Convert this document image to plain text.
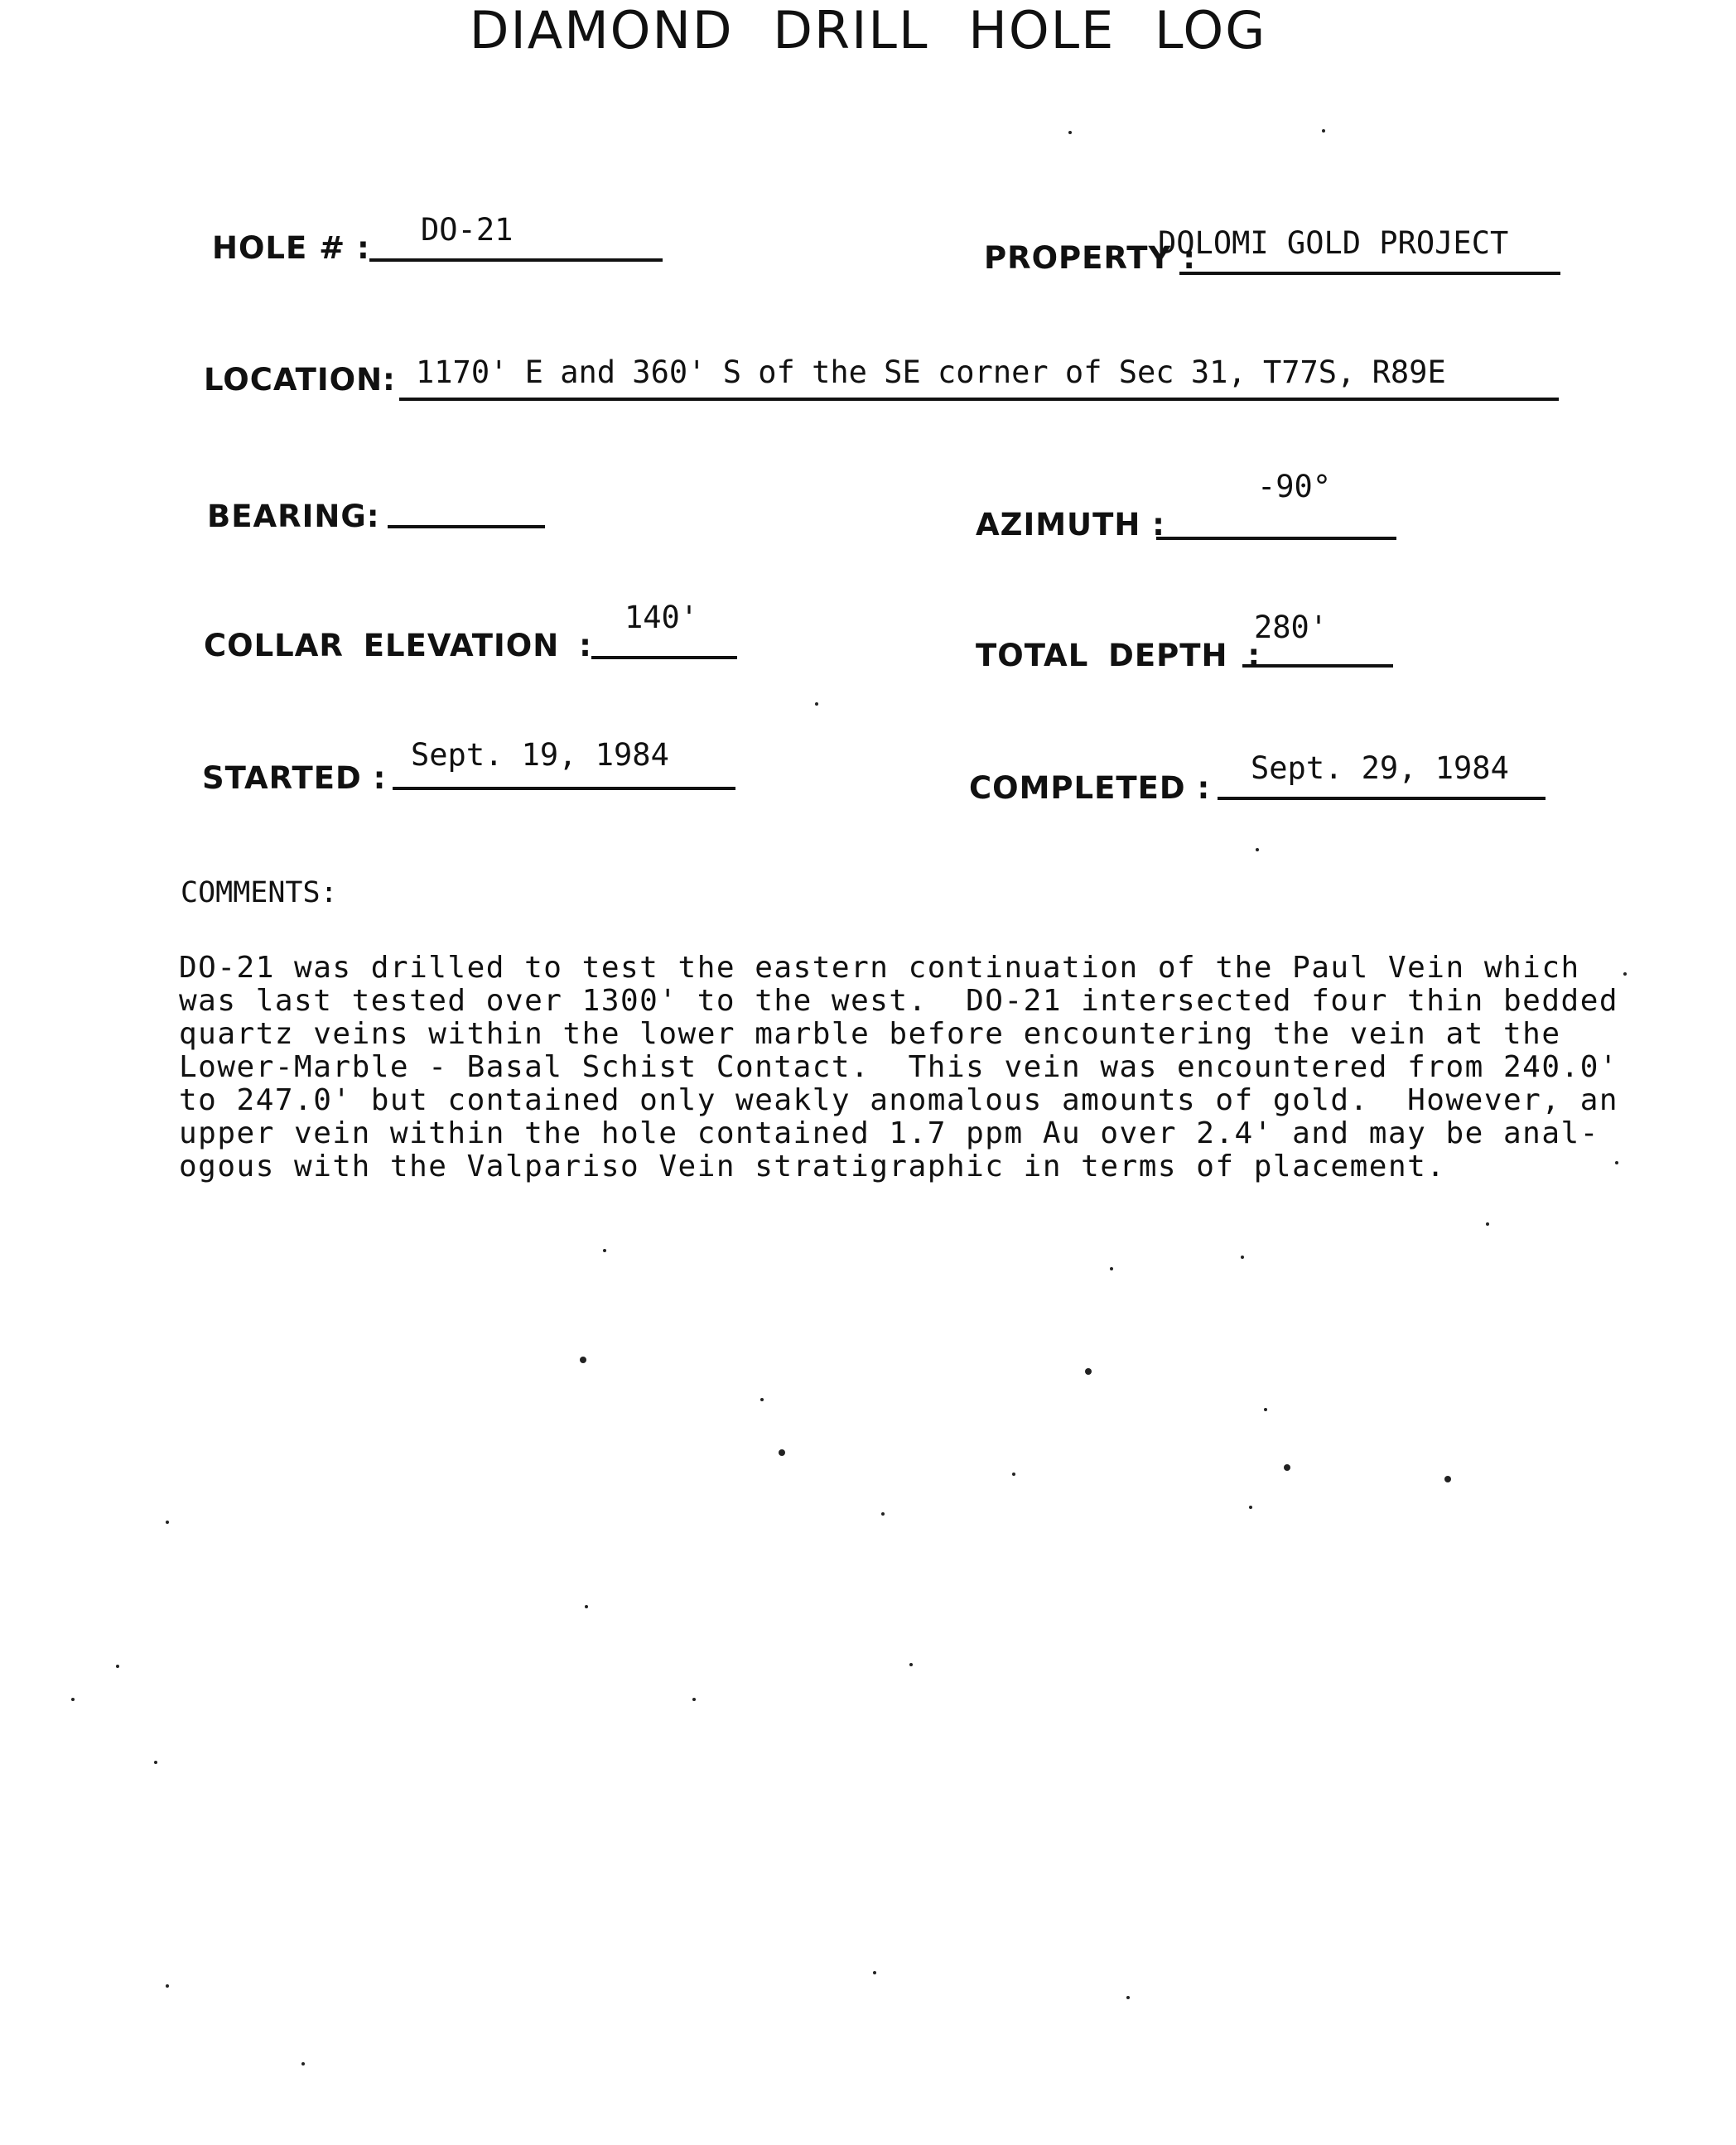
DIAMOND DRILL HOLE LOG
HOLE # :
DO-21
PROPERTY :
DOLOMI GOLD PROJECT
LOCATION: 1170' E and 360' S of the SE corner of Sec 31, T77S, R89E
BEARING:	AZIMUTH :
-90°
COLLAR ELEVATION :
140'
TOTAL DEPTH :
280'
STARTED :
Sept. 19, 1984
COMPLETED :
Sept. 29, 1984
COMMENTS:
DO-21 was drilled to test the eastern continuation of the Paul Vein which
was last tested over 1300' to the west.  DO-21 intersected four thin bedded
quartz veins within the lower marble before encountering the vein at the
Lower-Marble - Basal Schist Contact.  This vein was encountered from 240.0'
to 247.0' but contained only weakly anomalous amounts of gold.  However, an
upper vein within the hole contained 1.7 ppm Au over 2.4' and may be anal-
ogous with the Valpariso Vein stratigraphic in terms of placement.
